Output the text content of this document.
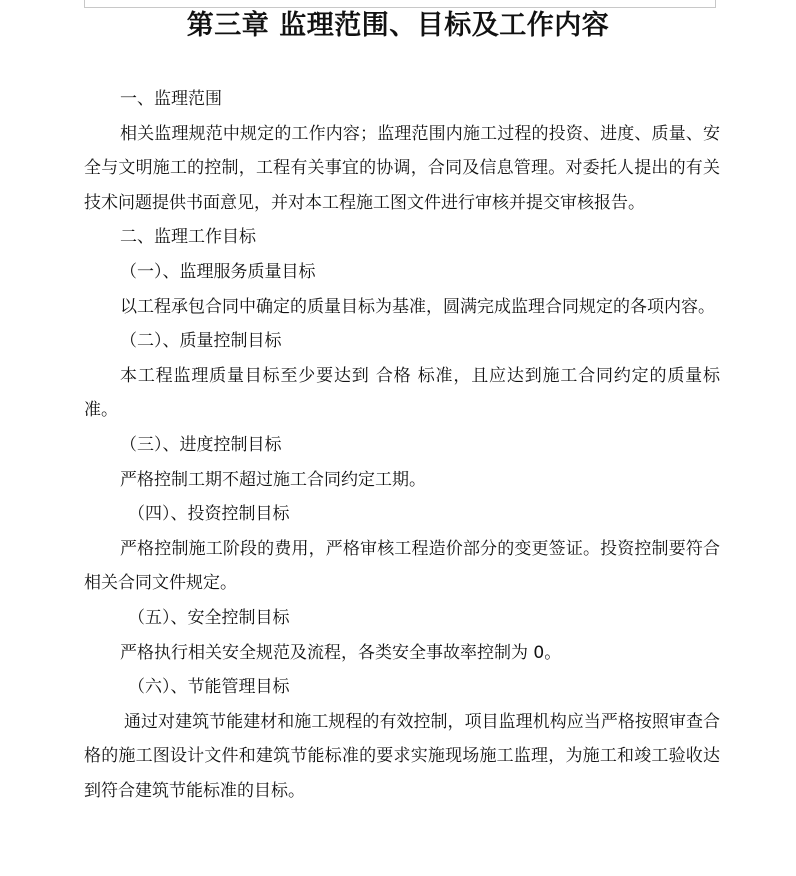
第三章 监理范围、目标及工作内容

一、监理范围

相关监理规范中规定的工作内容；监理范围内施工过程的投资、进度、质量、安全与文明施工的控制，工程有关事宜的协调，合同及信息管理。对委托人提出的有关技术问题提供书面意见，并对本工程施工图文件进行审核并提交审核报告。

二、监理工作目标

（一）、监理服务质量目标

以工程承包合同中确定的质量目标为基准，圆满完成监理合同规定的各项内容。

（二）、质量控制目标

本工程监理质量目标至少要达到 合格 标准，且应达到施工合同约定的质量标准。

（三）、进度控制目标

严格控制工期不超过施工合同约定工期。

（四）、投资控制目标

严格控制施工阶段的费用，严格审核工程造价部分的变更签证。投资控制要符合相关合同文件规定。

（五）、安全控制目标

严格执行相关安全规范及流程，各类安全事故率控制为 0。

（六）、节能管理目标

通过对建筑节能建材和施工规程的有效控制，项目监理机构应当严格按照审查合格的施工图设计文件和建筑节能标准的要求实施现场施工监理，为施工和竣工验收达到符合建筑节能标准的目标。
